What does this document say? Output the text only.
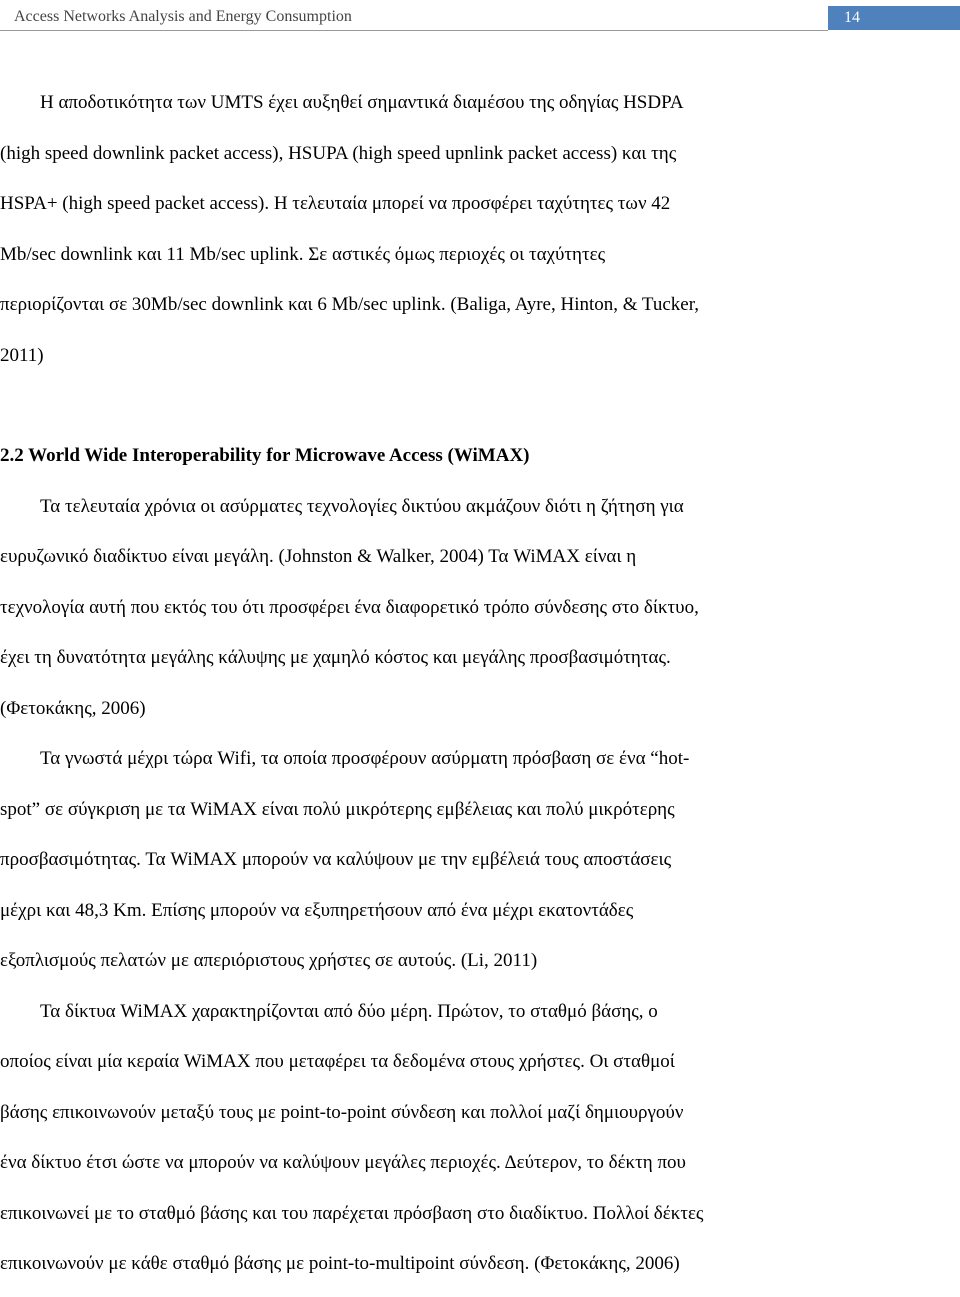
Access Networks Analysis and Energy Consumption	14
Η αποδοτικότητα των UMTS έχει αυξηθεί σημαντικά διαμέσου της οδηγίας HSDPA
(high speed downlink packet access), HSUPA (high speed upnlink packet access) και της
HSPA+ (high speed packet access). Η τελευταία μπορεί να προσφέρει ταχύτητες των 42
Mb/sec downlink και 11 Mb/sec uplink. Σε αστικές όμως περιοχές οι ταχύτητες
περιορίζονται σε 30Mb/sec downlink και 6 Mb/sec uplink. (Baliga, Ayre, Hinton, & Tucker,
2011)
2.2 World Wide Interoperability for Microwave Access (WiMAX)
Τα τελευταία χρόνια οι ασύρματες τεχνολογίες δικτύου ακμάζουν διότι η ζήτηση για
ευρυζωνικό διαδίκτυο είναι μεγάλη. (Johnston & Walker, 2004) Τα WiMAX είναι η
τεχνολογία αυτή που εκτός του ότι προσφέρει ένα διαφορετικό τρόπο σύνδεσης στο δίκτυο,
έχει τη δυνατότητα μεγάλης κάλυψης με χαμηλό κόστος και μεγάλης προσβασιμότητας.
(Φετοκάκης, 2006)
Τα γνωστά μέχρι τώρα Wifi, τα οποία προσφέρουν ασύρματη πρόσβαση σε ένα “hot-
spot” σε σύγκριση με τα WiMAX είναι πολύ μικρότερης εμβέλειας και πολύ μικρότερης
προσβασιμότητας. Τα WiMAX μπορούν να καλύψουν με την εμβέλειά τους αποστάσεις
μέχρι και 48,3 Km. Επίσης μπορούν να εξυπηρετήσουν από ένα μέχρι εκατοντάδες
εξοπλισμούς πελατών με απεριόριστους χρήστες σε αυτούς. (Li, 2011)
Τα δίκτυα WiMAX χαρακτηρίζονται από δύο μέρη. Πρώτον, το σταθμό βάσης, ο
οποίος είναι μία κεραία WiMAX που μεταφέρει τα δεδομένα στους χρήστες. Οι σταθμοί
βάσης επικοινωνούν μεταξύ τους με point-to-point σύνδεση και πολλοί μαζί δημιουργούν
ένα δίκτυο έτσι ώστε να μπορούν να καλύψουν μεγάλες περιοχές. Δεύτερον, το δέκτη που
επικοινωνεί με το σταθμό βάσης και του παρέχεται πρόσβαση στο διαδίκτυο. Πολλοί δέκτες
επικοινωνούν με κάθε σταθμό βάσης με point-to-multipoint σύνδεση. (Φετοκάκης, 2006)
